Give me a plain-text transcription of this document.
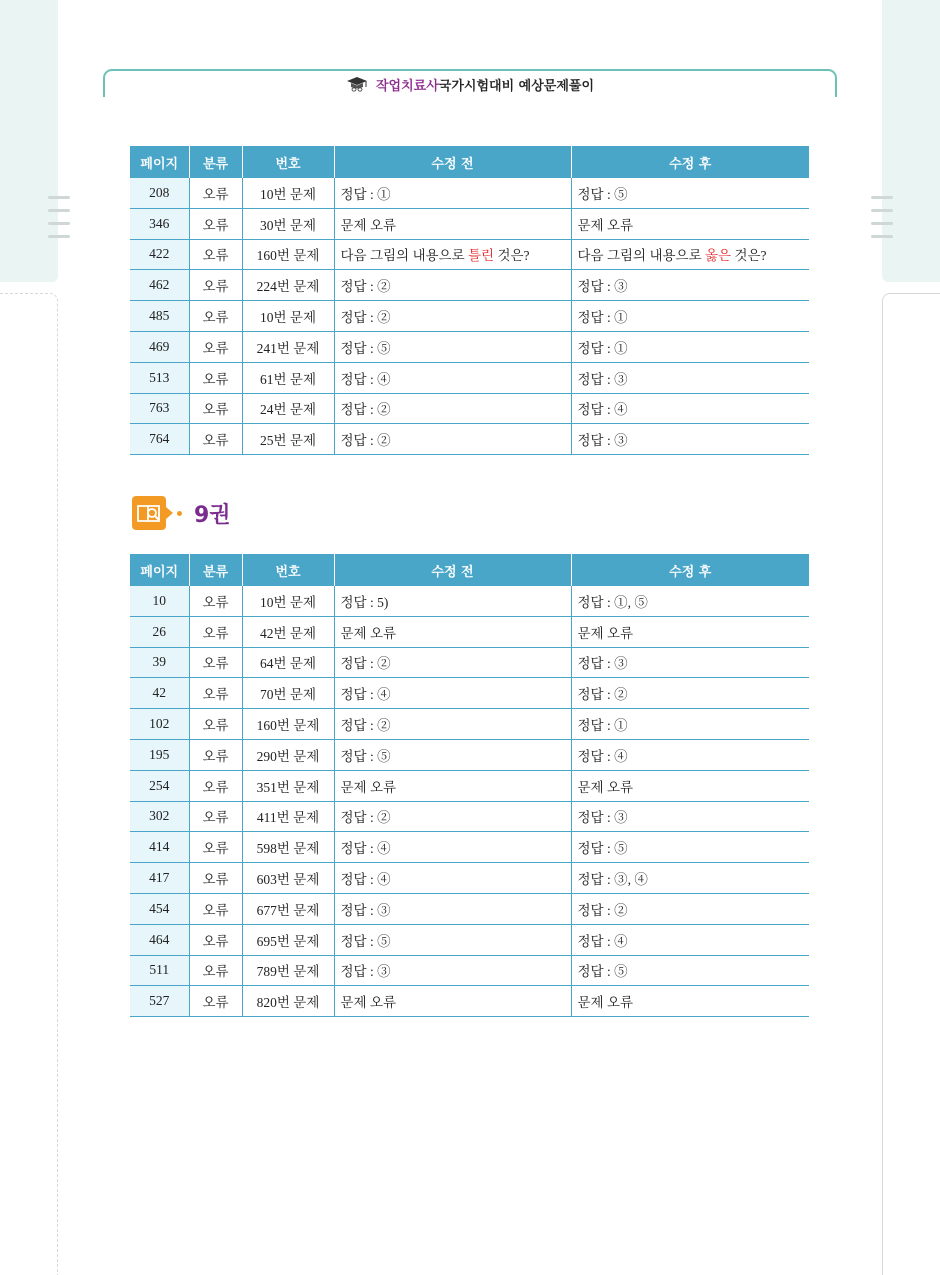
작업치료사국가시험대비 예상문제풀이
페이지	분류	번호	수정 전	수정 후
208	오류	10번 문제	정답 : ①	정답 : ⑤
346	오류	30번 문제	문제 오류	문제 오류
422	오류	160번 문제	다음 그림의 내용으로 틀린 것은?	다음 그림의 내용으로 옳은 것은?
462	오류	224번 문제	정답 : ②	정답 : ③
485	오류	10번 문제	정답 : ②	정답 : ①
469	오류	241번 문제	정답 : ⑤	정답 : ①
513	오류	61번 문제	정답 : ④	정답 : ③
763	오류	24번 문제	정답 : ②	정답 : ④
764	오류	25번 문제	정답 : ②	정답 : ③
9권
페이지	분류	번호	수정 전	수정 후
10	오류	10번 문제	정답 : 5)	정답 : ①, ⑤
26	오류	42번 문제	문제 오류	문제 오류
39	오류	64번 문제	정답 : ②	정답 : ③
42	오류	70번 문제	정답 : ④	정답 : ②
102	오류	160번 문제	정답 : ②	정답 : ①
195	오류	290번 문제	정답 : ⑤	정답 : ④
254	오류	351번 문제	문제 오류	문제 오류
302	오류	411번 문제	정답 : ②	정답 : ③
414	오류	598번 문제	정답 : ④	정답 : ⑤
417	오류	603번 문제	정답 : ④	정답 : ③, ④
454	오류	677번 문제	정답 : ③	정답 : ②
464	오류	695번 문제	정답 : ⑤	정답 : ④
511	오류	789번 문제	정답 : ③	정답 : ⑤
527	오류	820번 문제	문제 오류	문제 오류
